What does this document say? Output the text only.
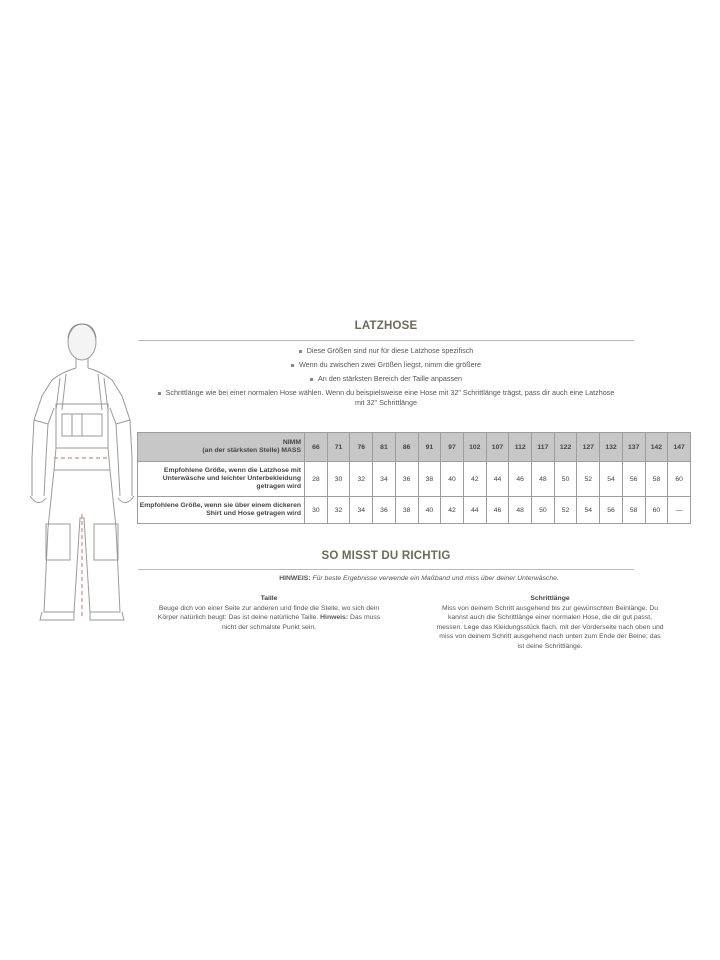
LATZHOSE
Diese Größen sind nur für diese Latzhose spezifisch
Wenn du zwischen zwei Größen liegst, nimm die größere
An den stärksten Bereich der Taille anpassen
Schrittlänge wie bei einer normalen Hose wählen. Wenn du beispielsweise eine Hose mit 32" Schrittlänge trägst, pass dir auch eine Latzhose
mit 32" Schrittlänge
NIMM
(an der stärksten Stelle) MASS	66	71	76	81	86	91	97	102	107	112	117	122	127	132	137	142	147

Empfohlene Größe, wenn die Latzhose mit
Unterwäsche und leichter Unterbekleidung
getragen wird	28	30	32	34	36	38	40	42	44	46	48	50	52	54	56	58	60

Empfohlene Größe, wenn sie über einem dickeren
Shirt und Hose getragen wird	30	32	34	36	38	40	42	44	46	48	50	52	54	56	58	60	—
SO MISST DU RICHTIG
HINWEIS: Für beste Ergebnisse verwende ein Maßband und miss über deiner Unterwäsche.
Taille
Beuge dich von einer Seite zur anderen und finde die Stelle, wo sich dein
Körper natürlich beugt: Das ist deine natürliche Taille. Hinweis: Das muss
nicht der schmalste Punkt sein.
Schrittlänge
Miss von deinem Schritt ausgehend bis zur gewünschten Beinlänge. Du
kannst auch die Schrittlänge einer normalen Hose, die dir gut passt,
messen. Lege das Kleidungsstück flach, mit der Vorderseite nach oben und
miss von deinem Schritt ausgehend nach unten zum Ende der Beine; das
ist deine Schrittlänge.
